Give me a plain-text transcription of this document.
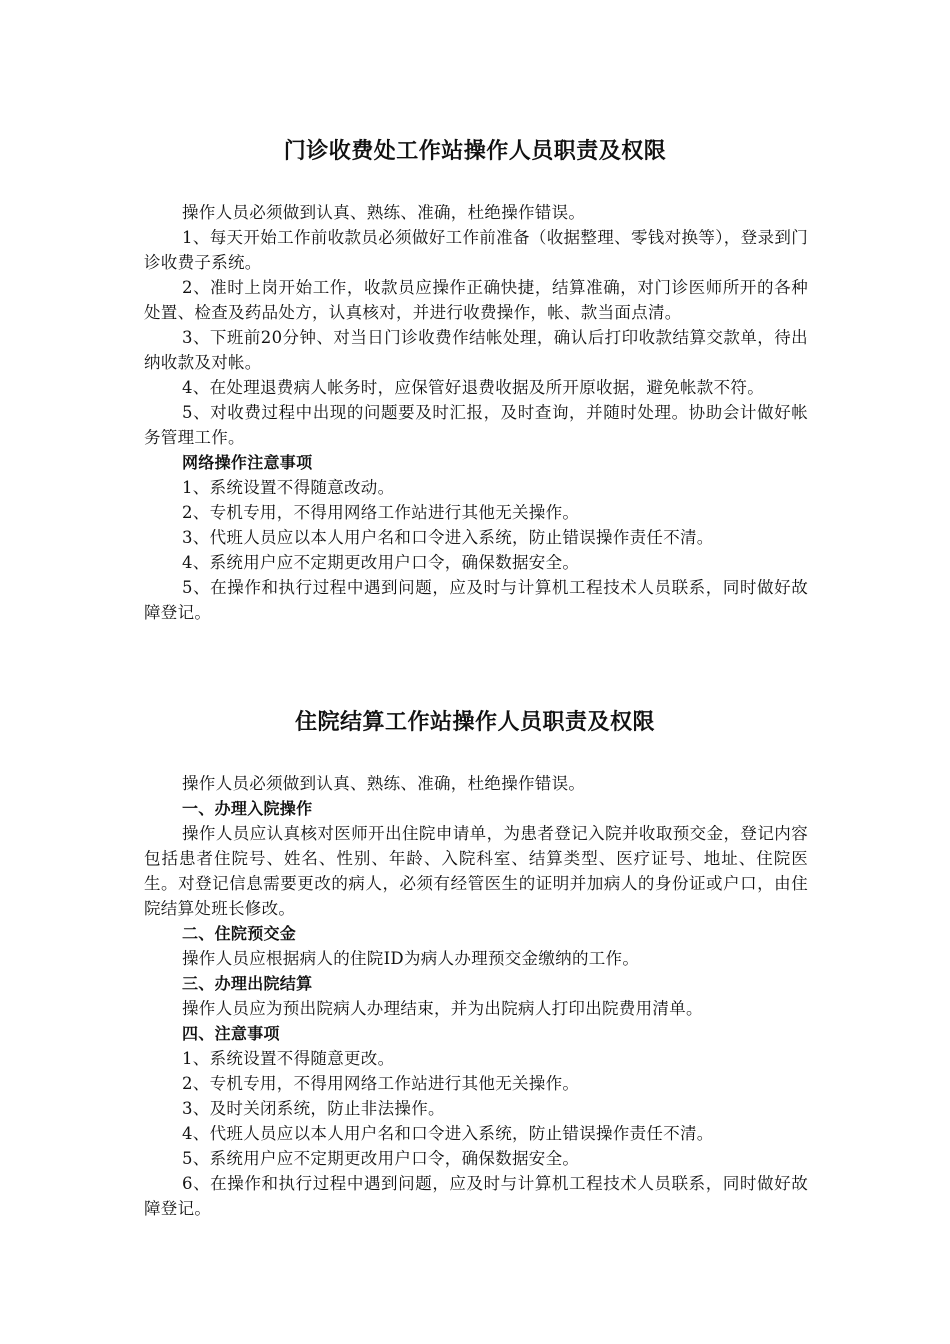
门诊收费处工作站操作人员职责及权限

操作人员必须做到认真、熟练、准确，杜绝操作错误。

1、每天开始工作前收款员必须做好工作前准备（收据整理、零钱对换等），登录到门诊收费子系统。

2、准时上岗开始工作，收款员应操作正确快捷，结算准确，对门诊医师所开的各种处置、检查及药品处方，认真核对，并进行收费操作，帐、款当面点清。

3、下班前20分钟、对当日门诊收费作结帐处理，确认后打印收款结算交款单，待出纳收款及对帐。

4、在处理退费病人帐务时，应保管好退费收据及所开原收据，避免帐款不符。

5、对收费过程中出现的问题要及时汇报，及时查询，并随时处理。协助会计做好帐务管理工作。

网络操作注意事项

1、系统设置不得随意改动。

2、专机专用，不得用网络工作站进行其他无关操作。

3、代班人员应以本人用户名和口令进入系统，防止错误操作责任不清。

4、系统用户应不定期更改用户口令，确保数据安全。

5、在操作和执行过程中遇到问题，应及时与计算机工程技术人员联系，同时做好故障登记。

住院结算工作站操作人员职责及权限

操作人员必须做到认真、熟练、准确，杜绝操作错误。

一、办理入院操作

操作人员应认真核对医师开出住院申请单，为患者登记入院并收取预交金，登记内容包括患者住院号、姓名、性别、年龄、入院科室、结算类型、医疗证号、地址、住院医生。对登记信息需要更改的病人，必须有经管医生的证明并加病人的身份证或户口，由住院结算处班长修改。

二、住院预交金

操作人员应根据病人的住院ID为病人办理预交金缴纳的工作。

三、办理出院结算

操作人员应为预出院病人办理结束，并为出院病人打印出院费用清单。

四、注意事项

1、系统设置不得随意更改。

2、专机专用，不得用网络工作站进行其他无关操作。

3、及时关闭系统，防止非法操作。

4、代班人员应以本人用户名和口令进入系统，防止错误操作责任不清。

5、系统用户应不定期更改用户口令，确保数据安全。

6、在操作和执行过程中遇到问题，应及时与计算机工程技术人员联系，同时做好故障登记。
